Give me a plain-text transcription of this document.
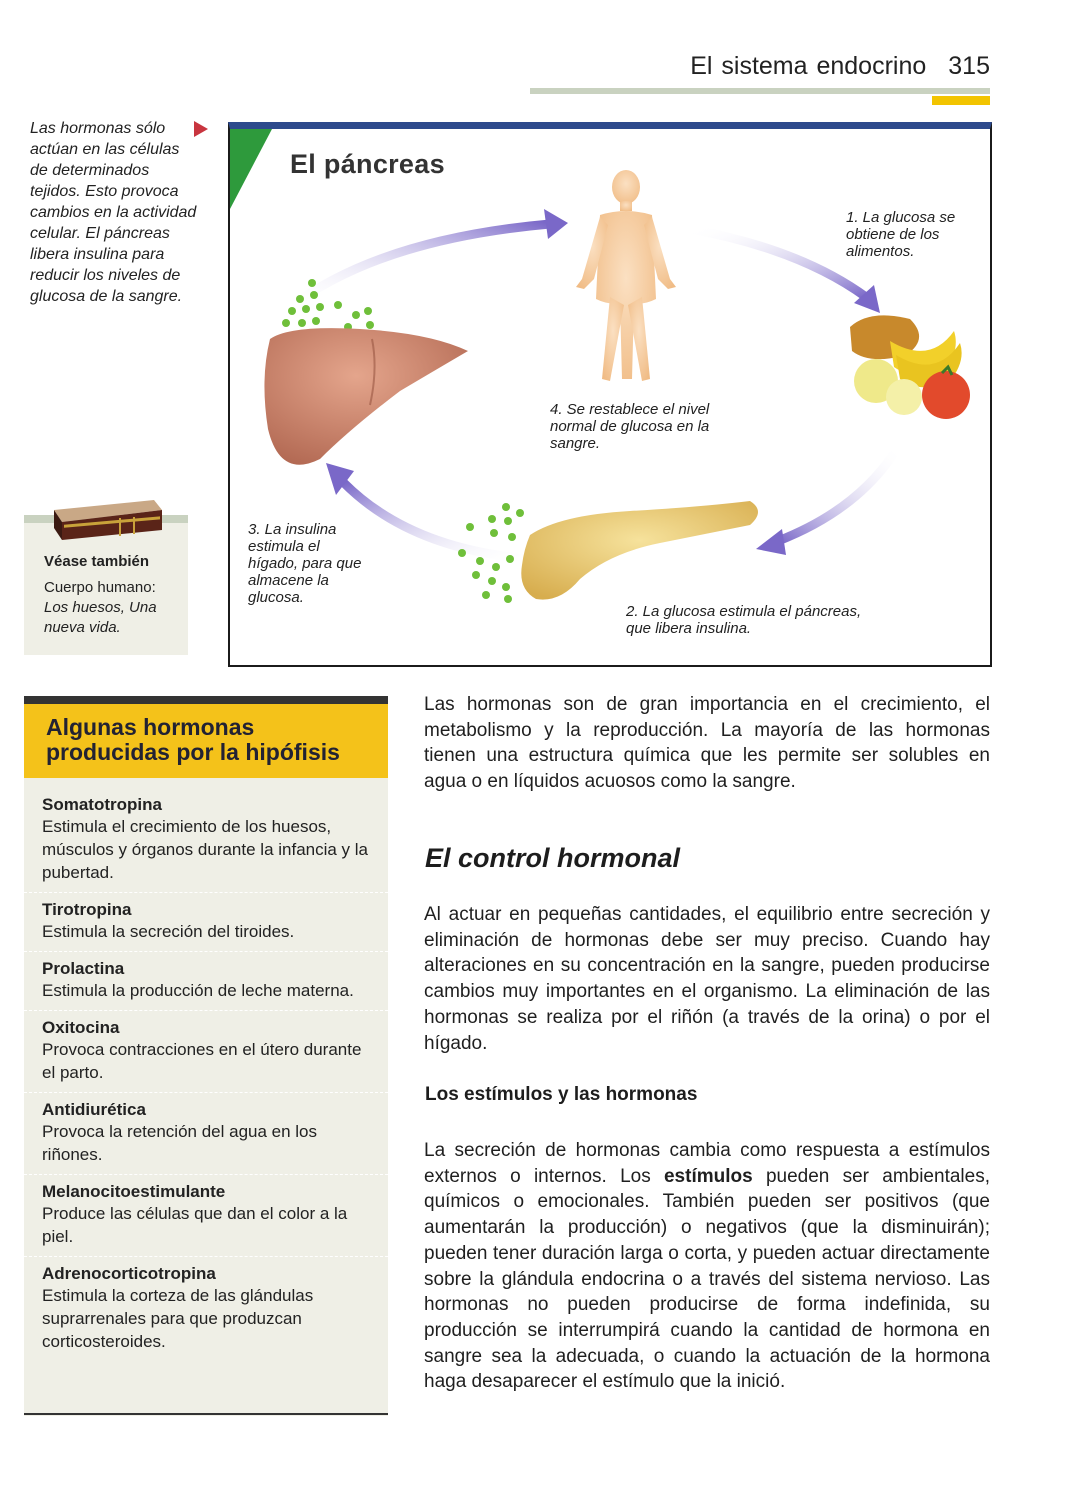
El sistema endocrino 315
Las hormonas sólo actúan en las células de determinados tejidos. Esto provoca cambios en la actividad celular. El páncreas libera insulina para reducir los niveles de glucosa de la sangre.
Véase también
Cuerpo humano:
Los huesos, Una nueva vida.
El páncreas
1. La glucosa se obtiene de los alimentos.
4. Se restablece el nivel normal de glucosa en la sangre.
3. La insulina estimula el hígado, para que almacene la glucosa.
2. La glucosa estimula el páncreas, que libera insulina.
Algunas hormonas producidas por la hipófisis
Somatotropina
Estimula el crecimiento de los huesos, músculos y órganos durante la infancia y la pubertad.
Tirotropina
Estimula la secreción del tiroides.
Prolactina
Estimula la producción de leche materna.
Oxitocina
Provoca contracciones en el útero durante el parto.
Antidiurética
Provoca la retención del agua en los riñones.
Melanocitoestimulante
Produce las células que dan el color a la piel.
Adrenocorticotropina
Estimula la corteza de las glándulas suprarrenales para que produzcan corticosteroides.
Las hormonas son de gran importancia en el crecimiento, el metabolismo y la reproducción. La mayoría de las hormonas tienen una estructura química que les permite ser solubles en agua o en líquidos acuosos como la sangre.
El control hormonal
Al actuar en pequeñas cantidades, el equilibrio entre secreción y eliminación de hormonas debe ser muy preciso. Cuando hay alteraciones en su concentración en la sangre, pueden producirse cambios muy importantes en el organismo. La eliminación de las hormonas se realiza por el riñón (a través de la orina) o por el hígado.
Los estímulos y las hormonas
La secreción de hormonas cambia como respuesta a estímulos externos o internos. Los estímulos pueden ser ambientales, químicos o emocionales. También pueden ser positivos (que aumentarán la producción) o negativos (que la disminuirán); pueden tener duración larga o corta, y pueden actuar directamente sobre la glándula endocrina o a través del sistema nervioso. Las hormonas no pueden producirse de forma indefinida, su producción se interrumpirá cuando la cantidad de hormona en sangre sea la adecuada, o cuando la actuación de la hormona haga desaparecer el estímulo que la inició.
